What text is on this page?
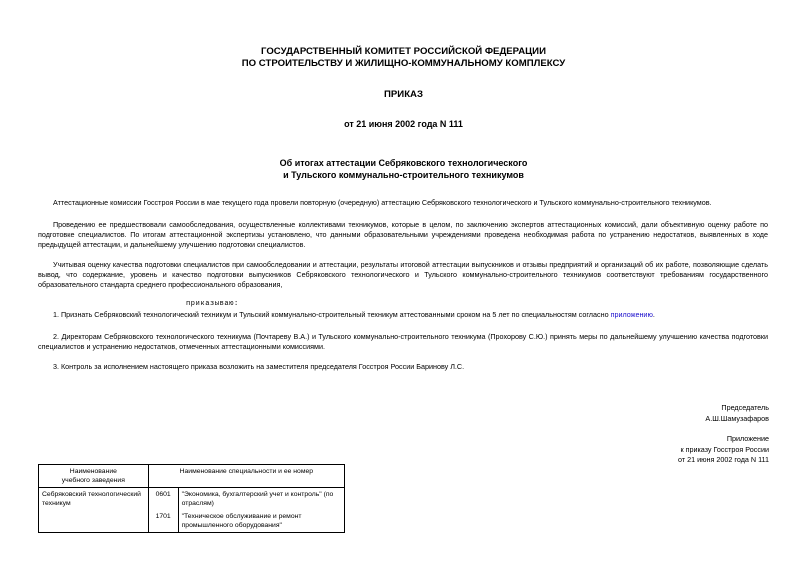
ГОСУДАРСТВЕННЫЙ КОМИТЕТ РОССИЙСКОЙ ФЕДЕРАЦИИ
ПО СТРОИТЕЛЬСТВУ И ЖИЛИЩНО-КОММУНАЛЬНОМУ КОМПЛЕКСУ
ПРИКАЗ
от 21 июня 2002 года N 111
Об итогах аттестации Себряковского технологического
и Тульского коммунально-строительного техникумов

Аттестационные комиссии Госстроя России в мае текущего года провели повторную (очередную) аттестацию Себряковского технологического и Тульского коммунально-строительного техникумов.

Проведению ее предшествовали самообследования, осуществленные коллективами техникумов, которые в целом, по заключению экспертов аттестационных комиссий, дали объективную оценку работе по подготовке специалистов. По итогам аттестационной экспертизы установлено, что данными образовательными учреждениями проведена необходимая работа по устранению недостатков, выявленных в ходе предыдущей аттестации, и дальнейшему улучшению подготовки специалистов.

Учитывая оценку качества подготовки специалистов при самообследовании и аттестации, результаты итоговой аттестации выпускников и отзывы предприятий и организаций об их работе, позволяющие сделать вывод, что содержание, уровень и качество подготовки выпускников Себряковского технологического и Тульского коммунально-строительного техникумов соответствуют требованиям государственного образовательного стандарта среднего профессионального образования,

приказываю:

1. Признать Себряковский технологический техникум и Тульский коммунально-строительный техникум аттестованными сроком на 5 лет по специальностям согласно приложению.

2. Директорам Себряковского технологического техникума (Почтареву В.А.) и Тульского коммунально-строительного техникума (Прохорову С.Ю.) принять меры по дальнейшему улучшению качества подготовки специалистов и устранению недостатков, отмеченных аттестационными комиссиями.

3. Контроль за исполнением настоящего приказа возложить на заместителя председателя Госстроя России Баринову Л.С.

Председатель
А.Ш.Шамузафаров
Приложение
к приказу Госстроя России
от 21 июня 2002 года N 111
Наименование
учебного заведения	Наименование специальности и ее номер	
Себряковский технологический техникум	0601	"Экономика, бухгалтерский учет и контроль" (по отраслям)
	1701	"Техническое обслуживание и ремонт промышленного оборудования"
